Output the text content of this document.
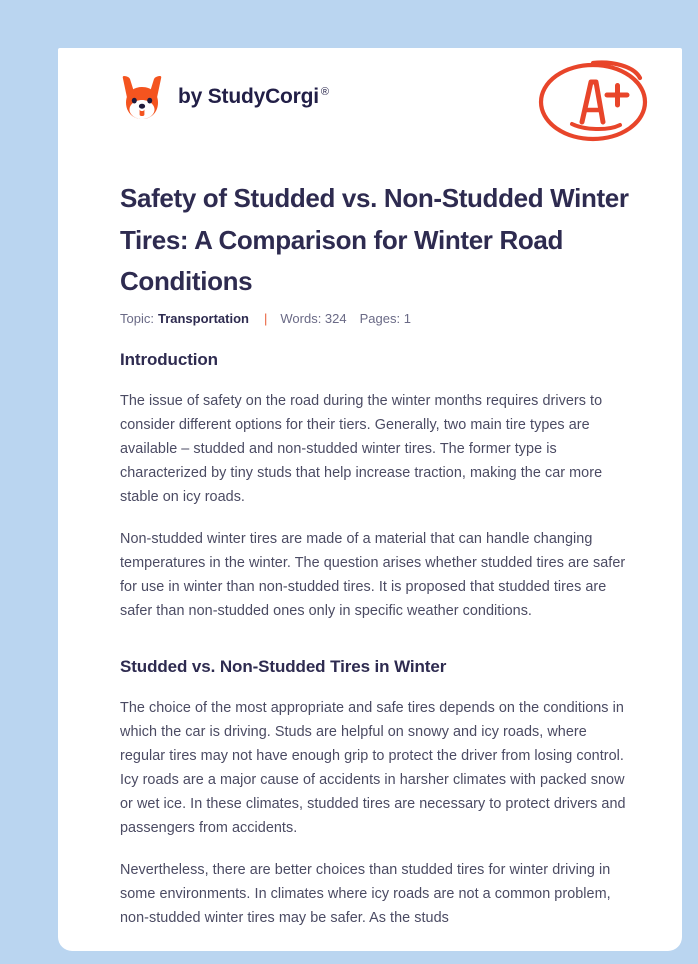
by StudyCorgi ®
Safety of Studded vs. Non-Studded Winter Tires: A Comparison for Winter Road Conditions
Topic: Transportation | Words: 324 Pages: 1
Introduction

The issue of safety on the road during the winter months requires drivers to consider different options for their tiers. Generally, two main tire types are available – studded and non-studded winter tires. The former type is characterized by tiny studs that help increase traction, making the car more stable on icy roads.

Non-studded winter tires are made of a material that can handle changing temperatures in the winter. The question arises whether studded tires are safer for use in winter than non-studded tires. It is proposed that studded tires are safer than non-studded ones only in specific weather conditions.

Studded vs. Non-Studded Tires in Winter

The choice of the most appropriate and safe tires depends on the conditions in which the car is driving. Studs are helpful on snowy and icy roads, where regular tires may not have enough grip to protect the driver from losing control. Icy roads are a major cause of accidents in harsher climates with packed snow or wet ice. In these climates, studded tires are necessary to protect drivers and passengers from accidents.

Nevertheless, there are better choices than studded tires for winter driving in some environments. In climates where icy roads are not a common problem, non-studded winter tires may be safer. As the studs
